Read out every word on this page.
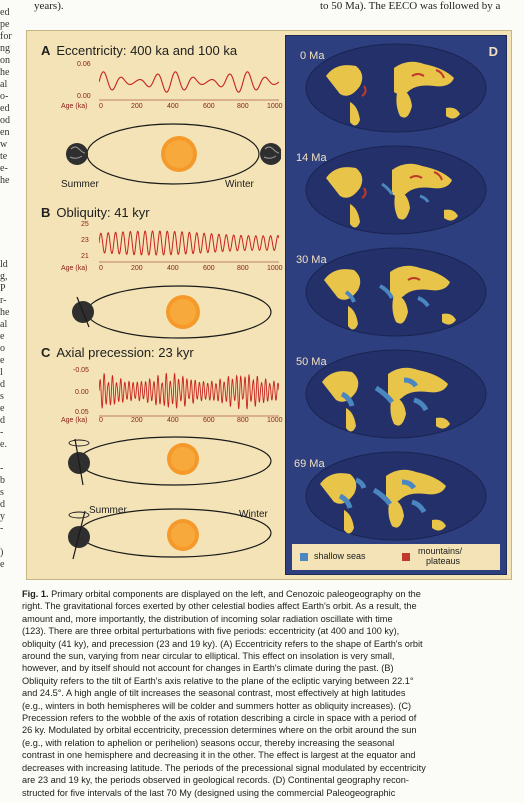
years).	to 50 Ma). The EECO was followed by a
ed
pe
for
ng
on
he
al
o-
ed
od
en
w
te
e-
he
ld
g,
P
r-
he
al
e
o
e
l
d
s
e
d
-
e.
-
b
s
d
y
-
)
e
A Eccentricity: 400 ka and 100 ka
0.06
0.00
Age (ka) 0	200	400	600	800	1000
Summer	Winter
B Obliquity: 41 kyr
25
23
21
Age (ka) 0	200	400	600	800	1000
C Axial precession: 23 kyr
-0.05
0.00
0.05
Age (ka) 0	200	400	600	800	1000
Summer	Winter
D
0 Ma
14 Ma
30 Ma
50 Ma
69 Ma
shallow seas	mountains/
plateaus
Fig. 1. Primary orbital components are displayed on the left, and Cenozoic paleogeography on the
right. The gravitational forces exerted by other celestial bodies affect Earth's orbit. As a result, the
amount and, more importantly, the distribution of incoming solar radiation oscillate with time
(123). There are three orbital perturbations with five periods: eccentricity (at 400 and 100 ky),
obliquity (41 ky), and precession (23 and 19 ky). (A) Eccentricity refers to the shape of Earth's orbit
around the sun, varying from near circular to elliptical. This effect on insolation is very small,
however, and by itself should not account for changes in Earth's climate during the past. (B)
Obliquity refers to the tilt of Earth's axis relative to the plane of the ecliptic varying between 22.1°
and 24.5°. A high angle of tilt increases the seasonal contrast, most effectively at high latitudes
(e.g., winters in both hemispheres will be colder and summers hotter as obliquity increases). (C)
Precession refers to the wobble of the axis of rotation describing a circle in space with a period of
26 ky. Modulated by orbital eccentricity, precession determines where on the orbit around the sun
(e.g., with relation to aphelion or perihelion) seasons occur, thereby increasing the seasonal
contrast in one hemisphere and decreasing it in the other. The effect is largest at the equator and
decreases with increasing latitude. The periods of the precessional signal modulated by eccentricity
are 23 and 19 ky, the periods observed in geological records. (D) Continental geography recon-
structed for five intervals of the last 70 My (designed using the commercial Paleogeographic
